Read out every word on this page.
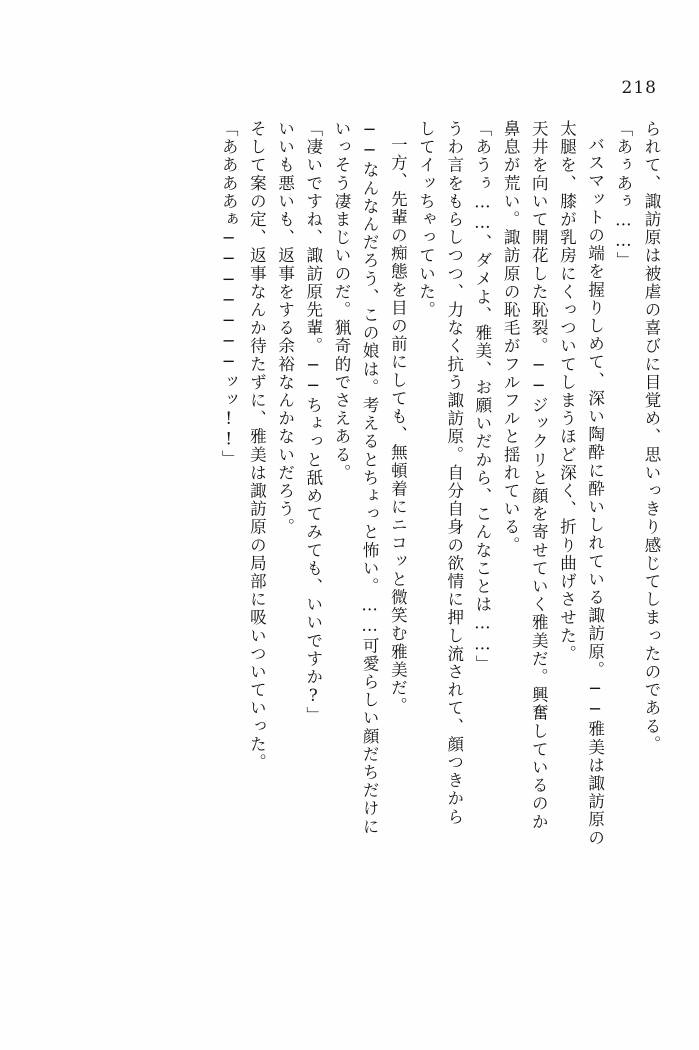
218
られて、諏訪原は被虐の喜びに目覚め、思いっきり感じてしまったのである。
「あぅあぅ……」
バスマットの端を握りしめて、深い陶酔に酔いしれている諏訪原。──雅美は諏訪原の
太腿を、膝が乳房にくっついてしまうほど深く、折り曲げさせた。
天井を向いて開花した恥裂。──ジックリと顔を寄せていく雅美だ。興奮しているのか
鼻息が荒い。諏訪原の恥毛がフルフルと揺れている。
「あうぅ……、ダメよ、雅美、お願いだから、こんなことは……」
うわ言をもらしつつ、力なく抗う諏訪原。自分自身の欲情に押し流されて、顔つきから
してイッちゃっていた。
一方、先輩の痴態を目の前にしても、無頓着にニコッと微笑む雅美だ。
──なんなんだろう、この娘は。考えるとちょっと怖い。……可愛らしい顔だちだけに
いっそう凄まじいのだ。猟奇的でさえある。
「凄いですね、諏訪原先輩。──ちょっと舐めてみても、いいですか?」
いいも悪いも、返事をする余裕なんかないだろう。
そして案の定、返事なんか待たずに、雅美は諏訪原の局部に吸いついていった。
「ああああぁ───────ッッ!!」
